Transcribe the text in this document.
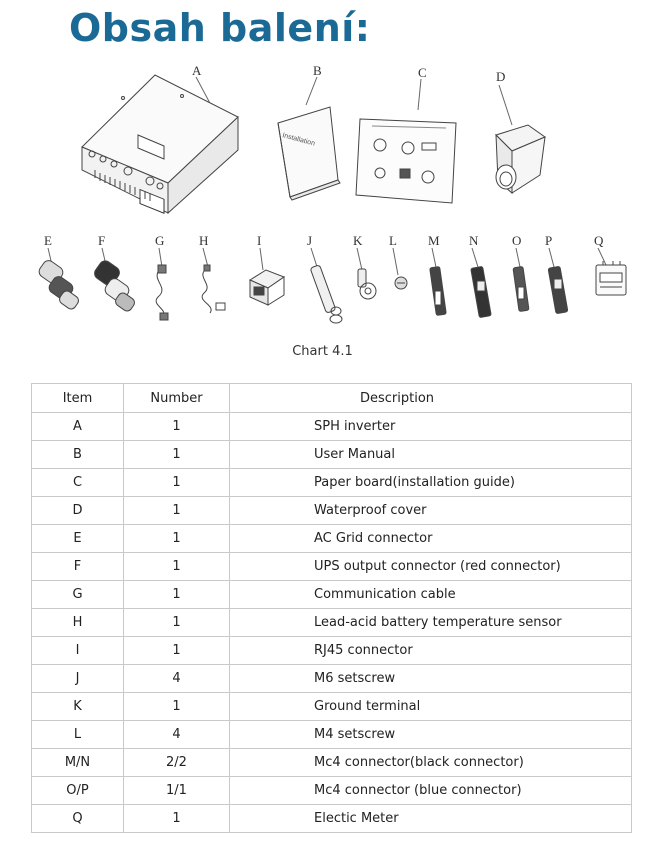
Obsah balení:
A	B	C	D
E	F	G	H	I	J	K L M N	O P	Q
Installation
Chart 4.1
Item	Number	Description
A	1	SPH inverter
B	1	User Manual
C	1	Paper board(installation guide)
D	1	Waterproof cover
E	1	AC Grid connector
F	1	UPS output connector (red connector)
G	1	Communication cable
H	1	Lead-acid battery temperature sensor
I	1	RJ45 connector
J	4	M6 setscrew
K	1	Ground terminal
L	4	M4 setscrew
M/N	2/2	Mc4 connector(black connector)
O/P	1/1	Mc4 connector (blue connector)
Q	1	Electic Meter
